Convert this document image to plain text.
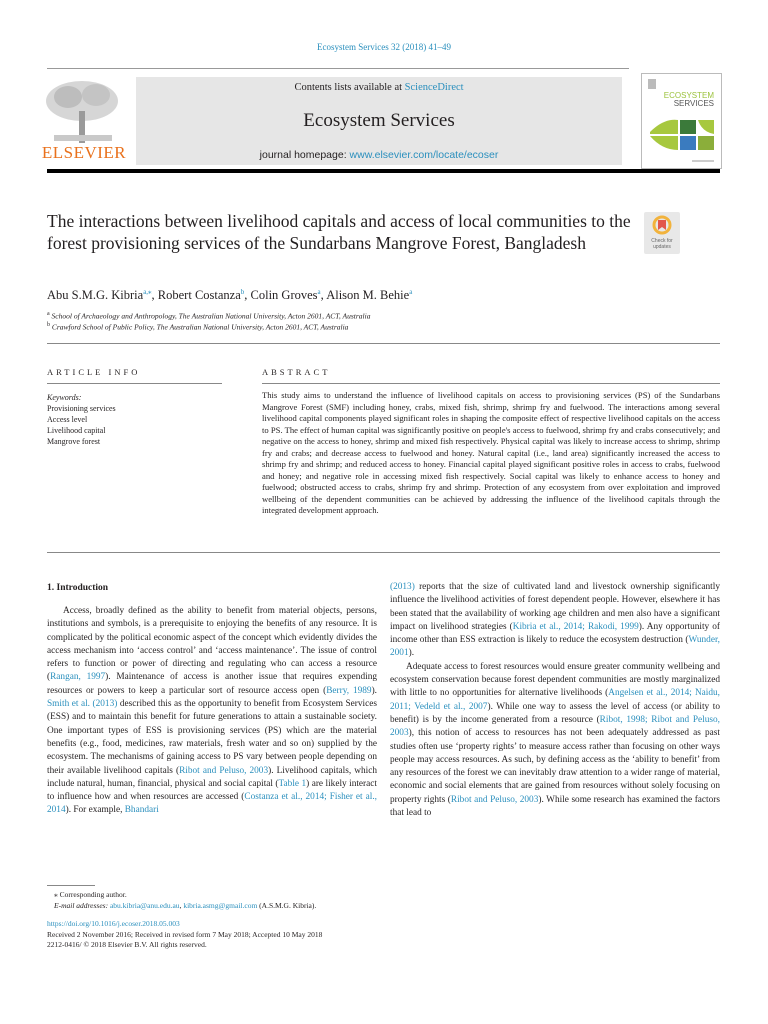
Ecosystem Services 32 (2018) 41–49
ELSEVIER
Contents lists available at ScienceDirect
Ecosystem Services
journal homepage: www.elsevier.com/locate/ecoser
ECOSYSTEM
SERVICES
The interactions between livelihood capitals and access of local communities to the forest provisioning services of the Sundarbans Mangrove Forest, Bangladesh	Check for
updates
Abu S.M.G. Kibria$^{a,⁎}$, Robert Costanza$^b$, Colin Groves$^a$, Alison M. Behie$^a$
$^a$ School of Archaeology and Anthropology, The Australian National University, Acton 2601, ACT, Australia
$^b$ Crawford School of Public Policy, The Australian National University, Acton 2601, ACT, Australia
ARTICLE INFO	ABSTRACT
Keywords:
Provisioning services
Access level
Livelihood capital
Mangrove forest
This study aims to understand the influence of livelihood capitals on access to provisioning services (PS) of the Sundarbans Mangrove Forest (SMF) including honey, crabs, mixed fish, shrimp, shrimp fry and fuelwood. The interactions among several livelihood capital components played significant roles in shaping the composite effect of respective livelihood capitals on the access to PS. The effect of human capital was significantly positive on people's access to fuelwood, shrimp fry and crabs consecutively; and negative on the access to honey, shrimp and mixed fish respectively. Physical capital was likely to increase access to shrimp, shrimp fry and crabs; and decrease access to fuelwood and honey. Natural capital (i.e., land area) significantly increased the access to shrimp fry and shrimp; and reduced access to honey. Financial capital played significant positive roles in access to crabs, fuelwood and honey; and negative role in accessing mixed fish respectively. Social capital was likely to enhance access to honey and fuelwood; obstructed access to crabs, shrimp fry and shrimp. Protection of any ecosystem from over exploitation and improved wellbeing of the dependent communities can be achieved by addressing the influence of the livelihood capitals through the integrated development approach.
1. Introduction

Access, broadly defined as the ability to benefit from material objects, persons, institutions and symbols, is a prerequisite to enjoying the benefits of any resource. It is complicated by the political economic aspect of the concept which evidently divides the access mechanism into ‘access control’ and ‘access maintenance’. The issue of control refers to function or power of directing and regulating who can access a resource (Rangan, 1997). Maintenance of access is another issue that requires expending resources or powers to keep a particular sort of resource access open (Berry, 1989). Smith et al. (2013) described this as the opportunity to benefit from Ecosystem Services (ESS) and to maintain this benefit for future generations to attain a sustainable society. One important types of ESS is provisioning services (PS) which are the material benefits (e.g., food, medicines, raw materials, fresh water and so on) supplied by the ecosystem. The mechanisms of gaining access to PS vary between people depending on their available livelihood capitals (Ribot and Peluso, 2003). Livelihood capitals, which include natural, human, financial, physical and social capital (Table 1) are likely interact to influence how and when resources are accessed (Costanza et al., 2014; Fisher et al., 2014). For example, Bhandari

(2013) reports that the size of cultivated land and livestock ownership significantly influence the livelihood activities of forest dependent people. However, elsewhere it has been stated that the availability of working age children and men also have a significant impact on livelihood strategies (Kibria et al., 2014; Rakodi, 1999). Any opportunity of income other than ESS extraction is likely to reduce the ecosystem destruction (Wunder, 2001).

Adequate access to forest resources would ensure greater community wellbeing and ecosystem conservation because forest dependent communities are mostly marginalized with little to no opportunities for alternative livelihoods (Angelsen et al., 2014; Naidu, 2011; Vedeld et al., 2007). While one way to assess the level of access (or ability to benefit) is by the income generated from a resource (Ribot, 1998; Ribot and Peluso, 2003), this notion of access to resources has not been adequately addressed as past studies often use ‘property rights’ to measure access rather than focusing on other ways people may access resources. As such, by defining access as the ‘ability to benefit’ from any resources of the forest we can inevitably draw attention to a wider range of material, economic and social elements that are gained from resources without solely focusing on property rights (Ribot and Peluso, 2003). While some research has examined the factors that lead to

⁎ Corresponding author.
E-mail addresses: abu.kibria@anu.edu.au, kibria.asmg@gmail.com (A.S.M.G. Kibria).
https://doi.org/10.1016/j.ecoser.2018.05.003
Received 2 November 2016; Received in revised form 7 May 2018; Accepted 10 May 2018
2212-0416/ © 2018 Elsevier B.V. All rights reserved.
